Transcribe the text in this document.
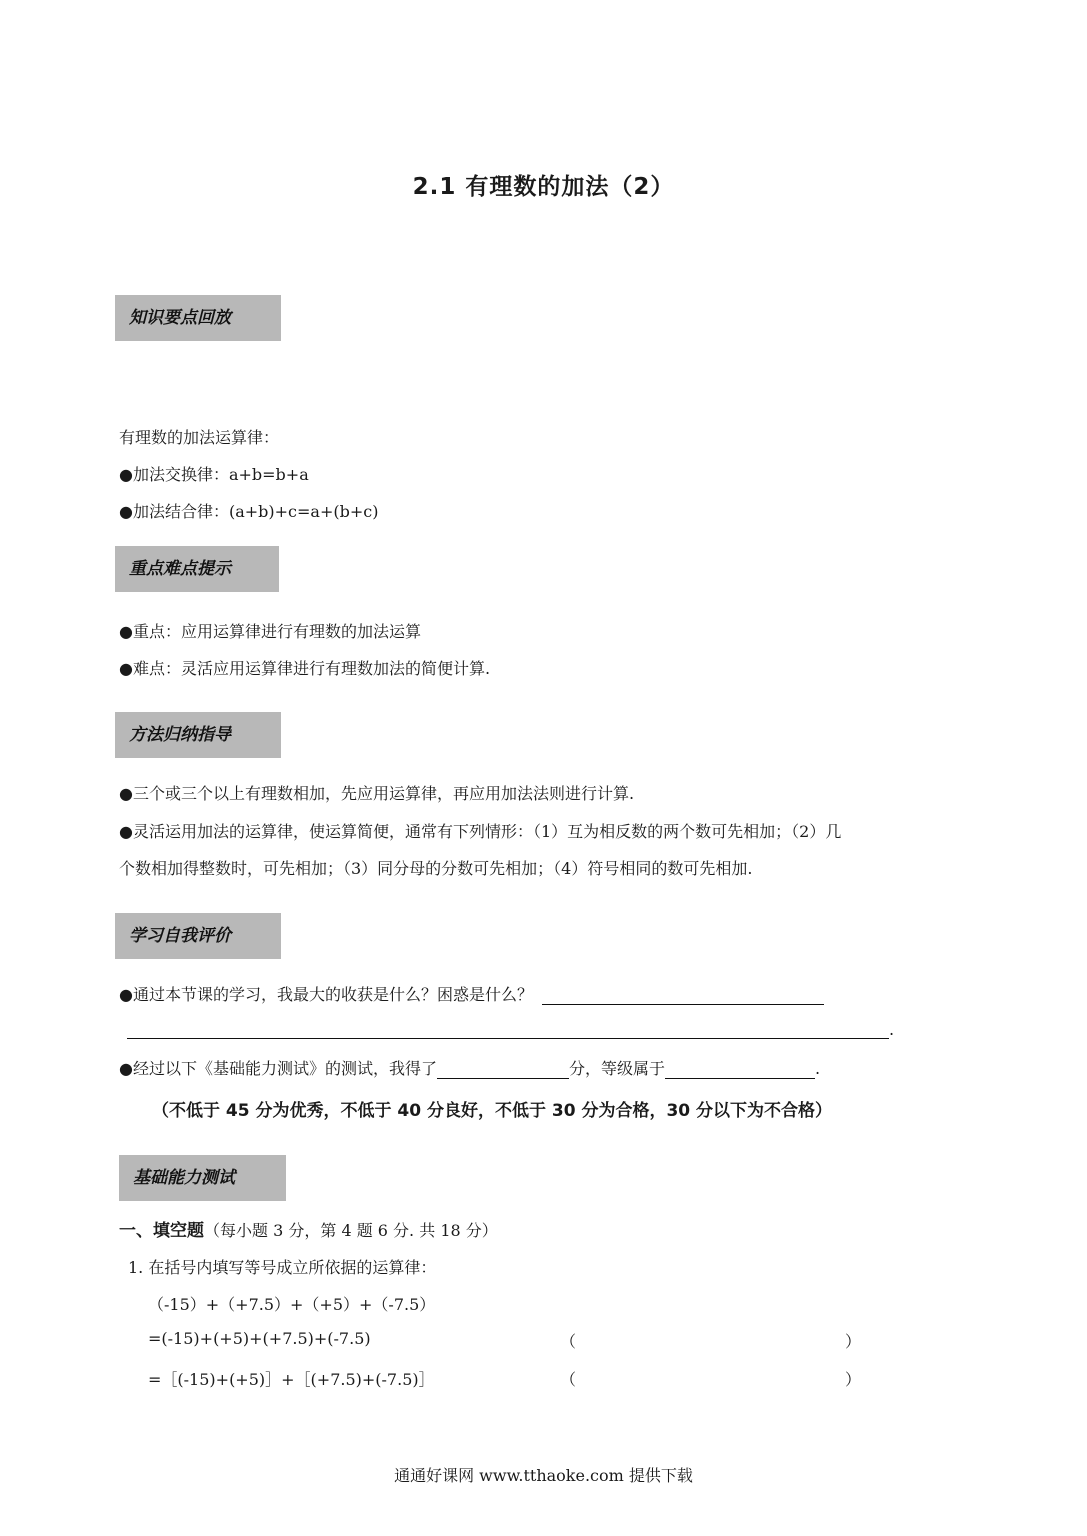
2.1 有理数的加法（2）
知识要点回放
有理数的加法运算律：
●加法交换律：a+b=b+a
●加法结合律：(a+b)+c=a+(b+c)
重点难点提示
●重点：应用运算律进行有理数的加法运算
●难点：灵活应用运算律进行有理数加法的简便计算.
方法归纳指导
●三个或三个以上有理数相加，先应用运算律，再应用加法法则进行计算.
●灵活运用加法的运算律，使运算简便，通常有下列情形：（1）互为相反数的两个数可先相加；（2）几
个数相加得整数时，可先相加；（3）同分母的分数可先相加；（4）符号相同的数可先相加.
学习自我评价
●通过本节课的学习，我最大的收获是什么？困惑是什么？
.
●经过以下《基础能力测试》的测试，我得了	分，等级属于	.
（不低于 45 分为优秀，不低于 40 分良好，不低于 30 分为合格，30 分以下为不合格）
基础能力测试
一、填空题（每小题 3 分，第 4 题 6 分. 共 18 分）
1. 在括号内填写等号成立所依据的运算律：
（-15）+（+7.5）+（+5）+（-7.5）
=(-15)+(+5)+(+7.5)+(-7.5)	（	）
=［(-15)+(+5)］+［(+7.5)+(-7.5)］	（	）
通通好课网 www.tthaoke.com 提供下载
